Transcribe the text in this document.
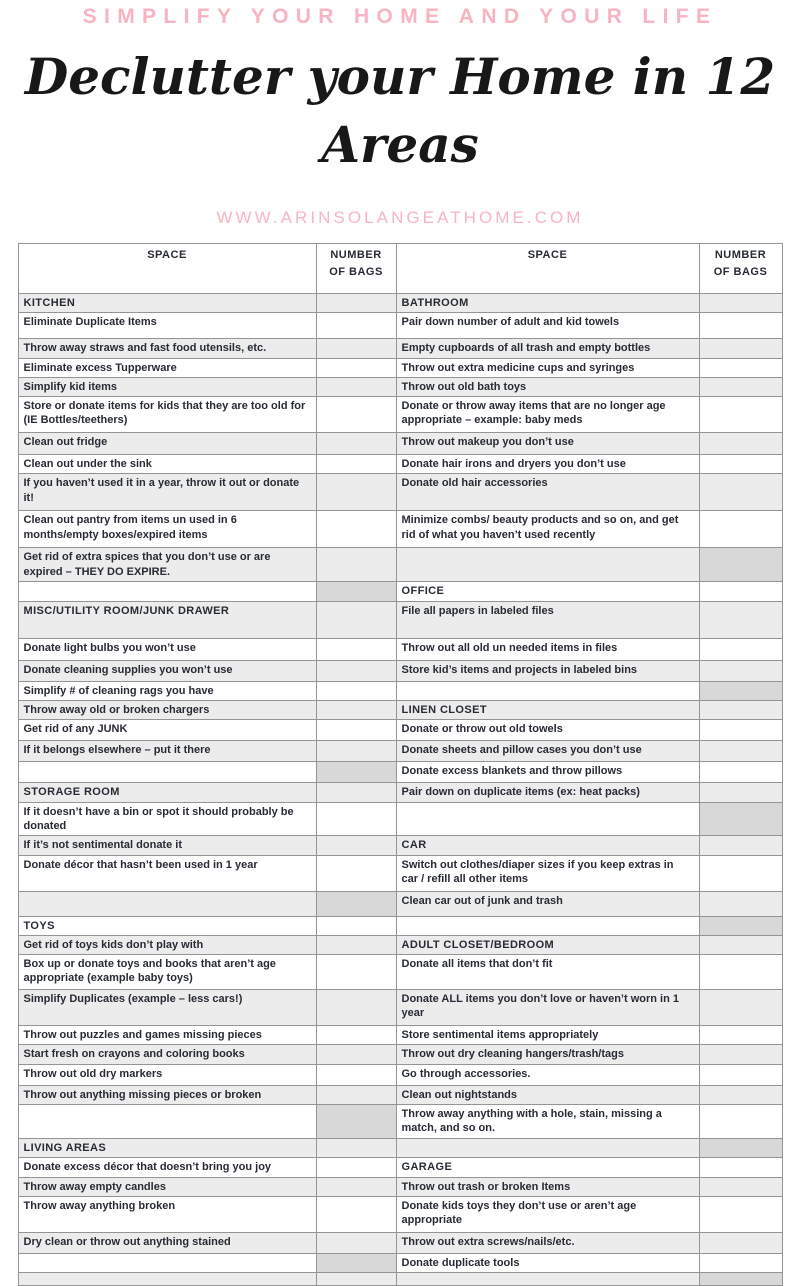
SIMPLIFY YOUR HOME AND YOUR LIFE
Declutter your Home in 12 Areas
WWW.ARINSOLANGEATHOME.COM
SPACE	NUMBER OF BAGS	SPACE	NUMBER OF BAGS

KITCHEN		BATHROOM	
Eliminate Duplicate Items		Pair down number of adult and kid towels	
Throw away straws and fast food utensils, etc.		Empty cupboards of all trash and empty bottles	
Eliminate excess Tupperware		Throw out extra medicine cups and syringes	
Simplify kid items		Throw out old bath toys	
Store or donate items for kids that they are too old for (IE Bottles/teethers)		Donate or throw away items that are no longer age appropriate – example: baby meds	
Clean out fridge		Throw out makeup you don’t use	
Clean out under the sink		Donate hair irons and dryers you don’t use	
If you haven’t used it in a year, throw it out or donate it!		Donate old hair accessories	
Clean out pantry from items un used in 6 months/empty boxes/expired items		Minimize combs/ beauty products and so on, and get rid of what you haven’t used recently	
Get rid of extra spices that you don’t use or are expired – THEY DO EXPIRE.			
		OFFICE	
MISC/UTILITY ROOM/JUNK DRAWER		File all papers in labeled files	
Donate light bulbs you won’t use		Throw out all old un needed items in files	
Donate cleaning supplies you won’t use		Store kid’s items and projects in labeled bins	
Simplify # of cleaning rags you have			
Throw away old or broken chargers		LINEN CLOSET	
Get rid of any JUNK		Donate or throw out old towels	
If it belongs elsewhere – put it there		Donate sheets and pillow cases you don’t use	
		Donate excess blankets and throw pillows	
STORAGE ROOM		Pair down on duplicate items (ex: heat packs)	
If it doesn’t have a bin or spot it should probably be donated			
If it’s not sentimental donate it		CAR	
Donate décor that hasn’t been used in 1 year		Switch out clothes/diaper sizes if you keep extras in car / refill all other items	
		Clean car out of junk and trash	
TOYS			
Get rid of toys kids don’t play with		ADULT CLOSET/BEDROOM	
Box up or donate toys and books that aren’t age appropriate (example baby toys)		Donate all items that don’t fit	
Simplify Duplicates (example – less cars!)		Donate ALL items you don’t love or haven’t worn in 1 year	
Throw out puzzles and games missing pieces		Store sentimental items appropriately	
Start fresh on crayons and coloring books		Throw out dry cleaning hangers/trash/tags	
Throw out old dry markers		Go through accessories.	
Throw out anything missing pieces or broken		Clean out nightstands	
		Throw away anything with a hole, stain, missing a match, and so on.	
LIVING AREAS			
Donate excess décor that doesn’t bring you joy		GARAGE	
Throw away empty candles		Throw out trash or broken Items	
Throw away anything broken		Donate kids toys they don’t use or aren’t age appropriate	
Dry clean or throw out anything stained		Throw out extra screws/nails/etc.	
		Donate duplicate tools	
